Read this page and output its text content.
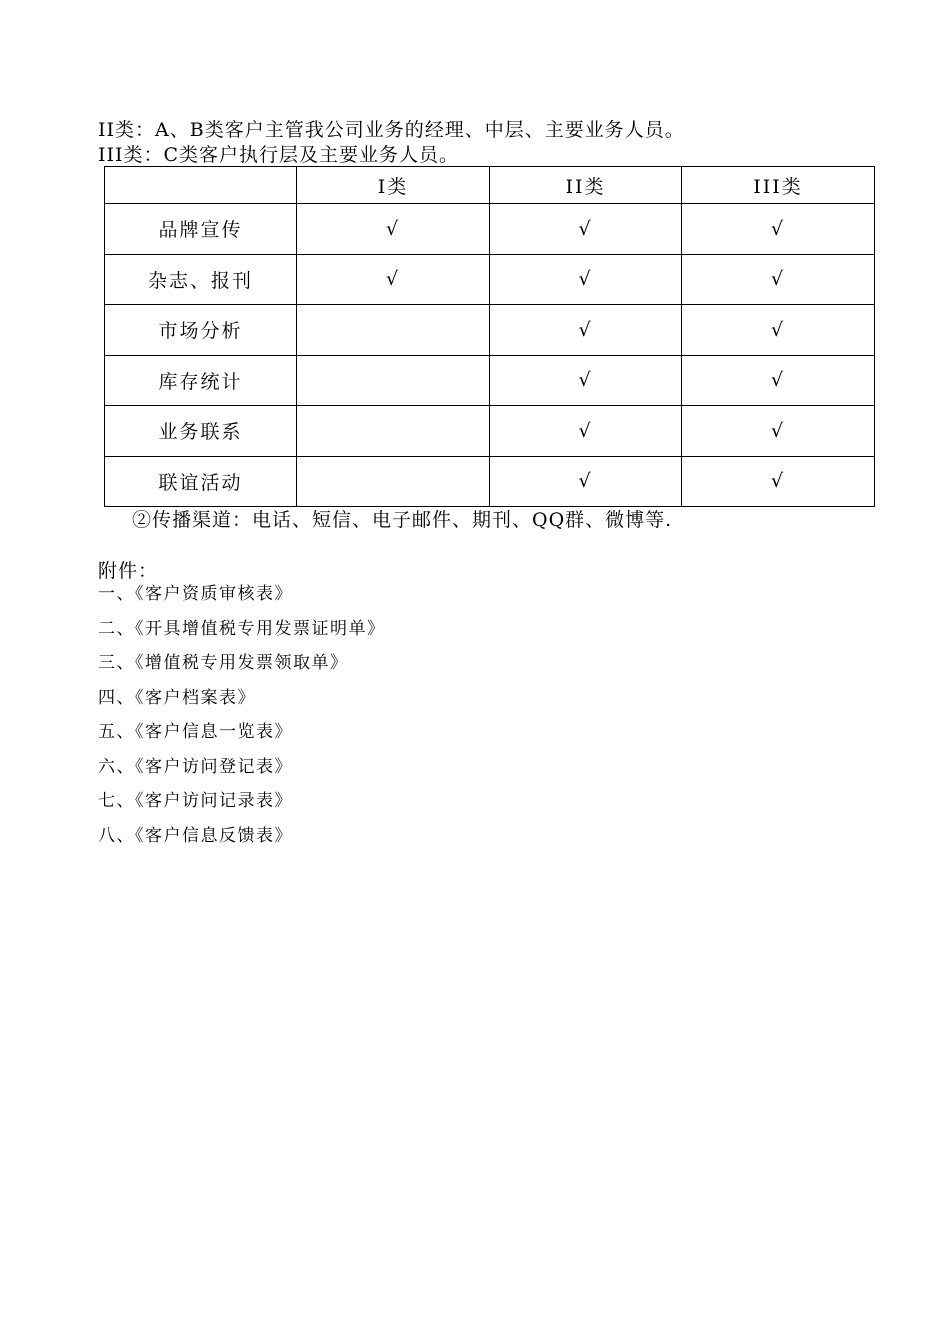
II类：A、B类客户主管我公司业务的经理、中层、主要业务人员。
III类：C类客户执行层及主要业务人员。
	I类	II类	III类
品牌宣传	√	√	√
杂志、报刊	√	√	√
市场分析		√	√
库存统计		√	√
业务联系		√	√
联谊活动		√	√
②传播渠道：电话、短信、电子邮件、期刊、QQ群、微博等.
附件：
一、《客户资质审核表》
二、《开具增值税专用发票证明单》
三、《增值税专用发票领取单》
四、《客户档案表》
五、《客户信息一览表》
六、《客户访问登记表》
七、《客户访问记录表》
八、《客户信息反馈表》
